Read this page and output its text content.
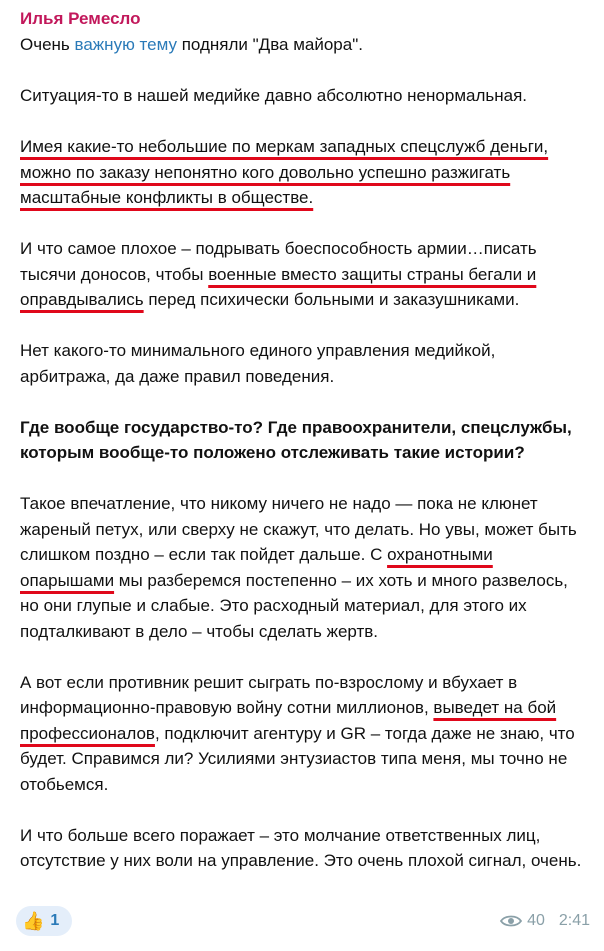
Илья Ремесло
Очень важную тему подняли "Два майора".
Ситуация-то в нашей медийке давно абсолютно ненормальная.
Имея какие-то небольшие по меркам западных спецслужб деньги, можно по заказу непонятно кого довольно успешно разжигать масштабные конфликты в обществе.
И что самое плохое – подрывать боеспособность армии…писать тысячи доносов, чтобы военные вместо защиты страны бегали и оправдывались перед психически больными и заказушниками.
Нет какого-то минимального единого управления медийкой, арбитража, да даже правил поведения.
Где вообще государство-то? Где правоохранители, спецслужбы, которым вообще-то положено отслеживать такие истории?
Такое впечатление, что никому ничего не надо — пока не клюнет жареный петух, или сверху не скажут, что делать. Но увы, может быть слишком поздно – если так пойдет дальше. С охранотными опарышами мы разберемся постепенно – их хоть и много развелось, но они глупые и слабые. Это расходный материал, для этого их подталкивают в дело – чтобы сделать жертв.
А вот если противник решит сыграть по-взрослому и вбухает в информационно-правовую войну сотни миллионов, выведет на бой профессионалов, подключит агентуру и GR – тогда даже не знаю, что будет. Справимся ли? Усилиями энтузиастов типа меня, мы точно не отобьемся.
И что больше всего поражает – это молчание ответственных лиц, отсутствие у них воли на управление. Это очень плохой сигнал, очень.
👍 1	40 2:41
